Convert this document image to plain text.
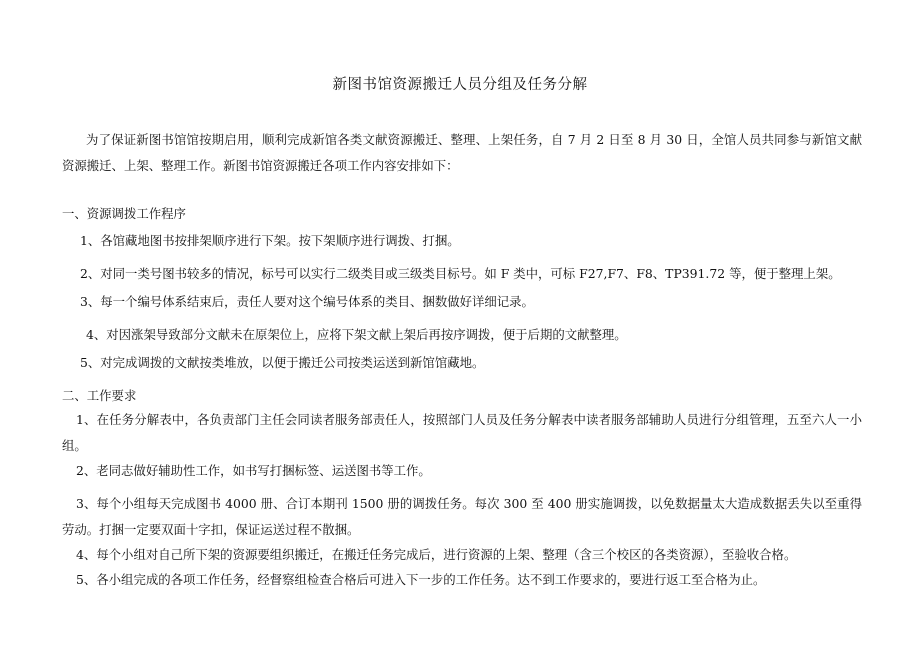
新图书馆资源搬迁人员分组及任务分解
为了保证新图书馆馆按期启用，顺利完成新馆各类文献资源搬迁、整理、上架任务，自 7 月 2 日至 8 月 30 日，全馆人员共同参与新馆文献资源搬迁、上架、整理工作。新图书馆资源搬迁各项工作内容安排如下：
一、资源调拨工作程序
1、各馆藏地图书按排架顺序进行下架。按下架顺序进行调拨、打捆。
2、对同一类号图书较多的情况，标号可以实行二级类目或三级类目标号。如 F 类中，可标 F27,F7、F8、TP391.72 等，便于整理上架。
3、每一个编号体系结束后，责任人要对这个编号体系的类目、捆数做好详细记录。
4、对因涨架导致部分文献未在原架位上，应将下架文献上架后再按序调拨，便于后期的文献整理。
5、对完成调拨的文献按类堆放，以便于搬迁公司按类运送到新馆馆藏地。
二、工作要求
1、在任务分解表中，各负责部门主任会同读者服务部责任人，按照部门人员及任务分解表中读者服务部辅助人员进行分组管理，五至六人一小组。
2、老同志做好辅助性工作，如书写打捆标签、运送图书等工作。
3、每个小组每天完成图书 4000 册、合订本期刊 1500 册的调拨任务。每次 300 至 400 册实施调拨，以免数据量太大造成数据丢失以至重得劳动。打捆一定要双面十字扣，保证运送过程不散捆。
4、每个小组对自己所下架的资源要组织搬迁，在搬迁任务完成后，进行资源的上架、整理（含三个校区的各类资源），至验收合格。
5、各小组完成的各项工作任务，经督察组检查合格后可进入下一步的工作任务。达不到工作要求的，要进行返工至合格为止。
